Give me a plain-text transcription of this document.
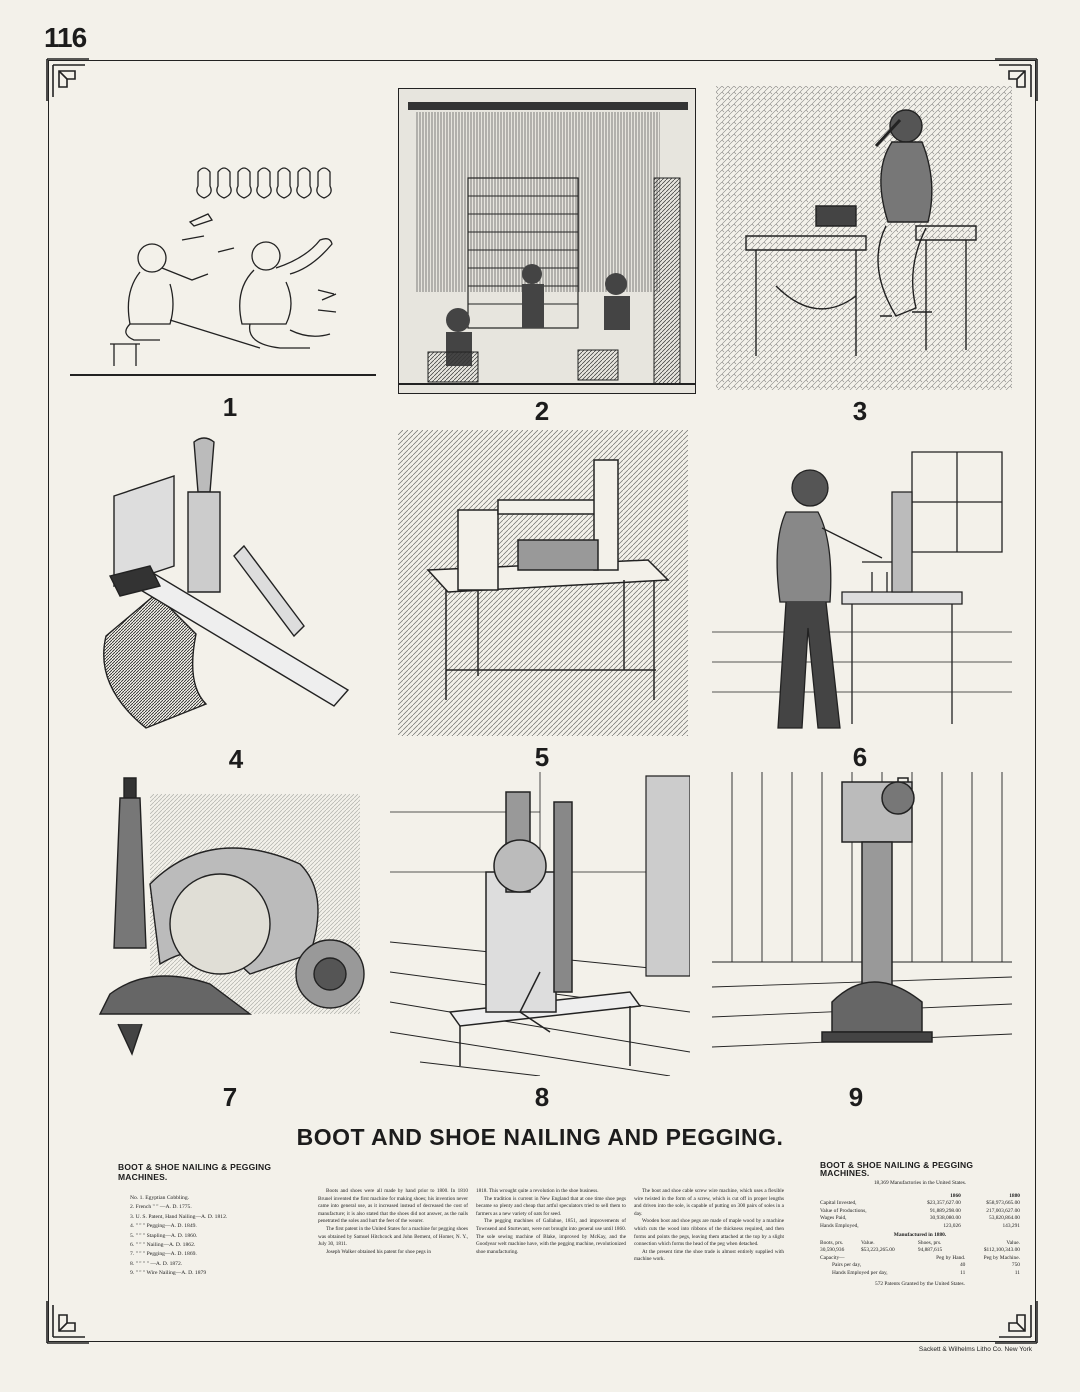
116
1	2	3
4	5	6
7	8	9
BOOT AND SHOE NAILING AND PEGGING.
BOOT & SHOE NAILING & PEGGING MACHINES.
No. 1. Egyptian Cobbling.
2. French " " —A. D. 1775.
3. U. S. Patent, Hand Nailing—A. D. 1812.
4. " " " Pegging—A. D. 1849.
5. " " " Stapling—A. D. 1860.
6. " " " Nailing—A. D. 1862.
7. " " " Pegging—A. D. 1869.
8. " " " " —A. D. 1872.
9. " " " Wire Nailing—A. D. 1879

Boots and shoes were all made by hand prior to 1800. In 1810 Brunel invented the first machine for making shoes; his invention never came into general use, as it increased instead of decreased the cost of manufacture; it is also stated that the shoes did not answer, as the nails penetrated the soles and hurt the feet of the wearer.

The first patent in the United States for a machine for pegging shoes was obtained by Samuel Hitchcock and John Bement, of Homer, N. Y., July 30, 1811.

Joseph Walker obtained his patent for shoe pegs in

1818. This wrought quite a revolution in the shoe business.

The tradition is current in New England that at one time shoe pegs became so plenty and cheap that artful speculators tried to sell them to farmers as a new variety of oats for seed.

The pegging machines of Gallahue, 1851, and improvements of Townsend and Sturtevant, were not brought into general use until 1860. The sole sewing machine of Blake, improved by McKay, and the Goodyear welt machine have, with the pegging machine, revolutionized shoe manufacturing.

The boot and shoe cable screw wire machine, which uses a flexible wire twisted in the form of a screw, which is cut off in proper lengths and driven into the sole, is capable of putting on 300 pairs of soles in a day.

Wooden boot and shoe pegs are made of maple wood by a machine which cuts the wood into ribbons of the thickness required, and then forms and points the pegs, leaving them attached at the top by a slight connection which forms the head of the peg when detached.

At the present time the shoe trade is almost entirely supplied with machine work.

BOOT & SHOE NAILING & PEGGING MACHINES.
18,369 Manufactories in the United States.
	1860	1880
Capital Invested,	$23,357,627.00	$58,973,665.00
Value of Productions,	91,889,298.00	217,003,627.00
Wages Paid,	30,938,080.00	53,820,864.00
Hands Employed,	123,026	143,291
Manufactured in 1880.
Boots, prs.	Value.	Shoes, prs.	Value.
30,590,936	$53,223,265.00	94,887,615	$112,100,343.00
Capacity—	Peg by Hand.	Peg by Machine.
Pairs per day,	40	750
Hands Employed per day,	11	11
572 Patents Granted by the United States.
Sackett & Wilhelms Litho Co. New York
